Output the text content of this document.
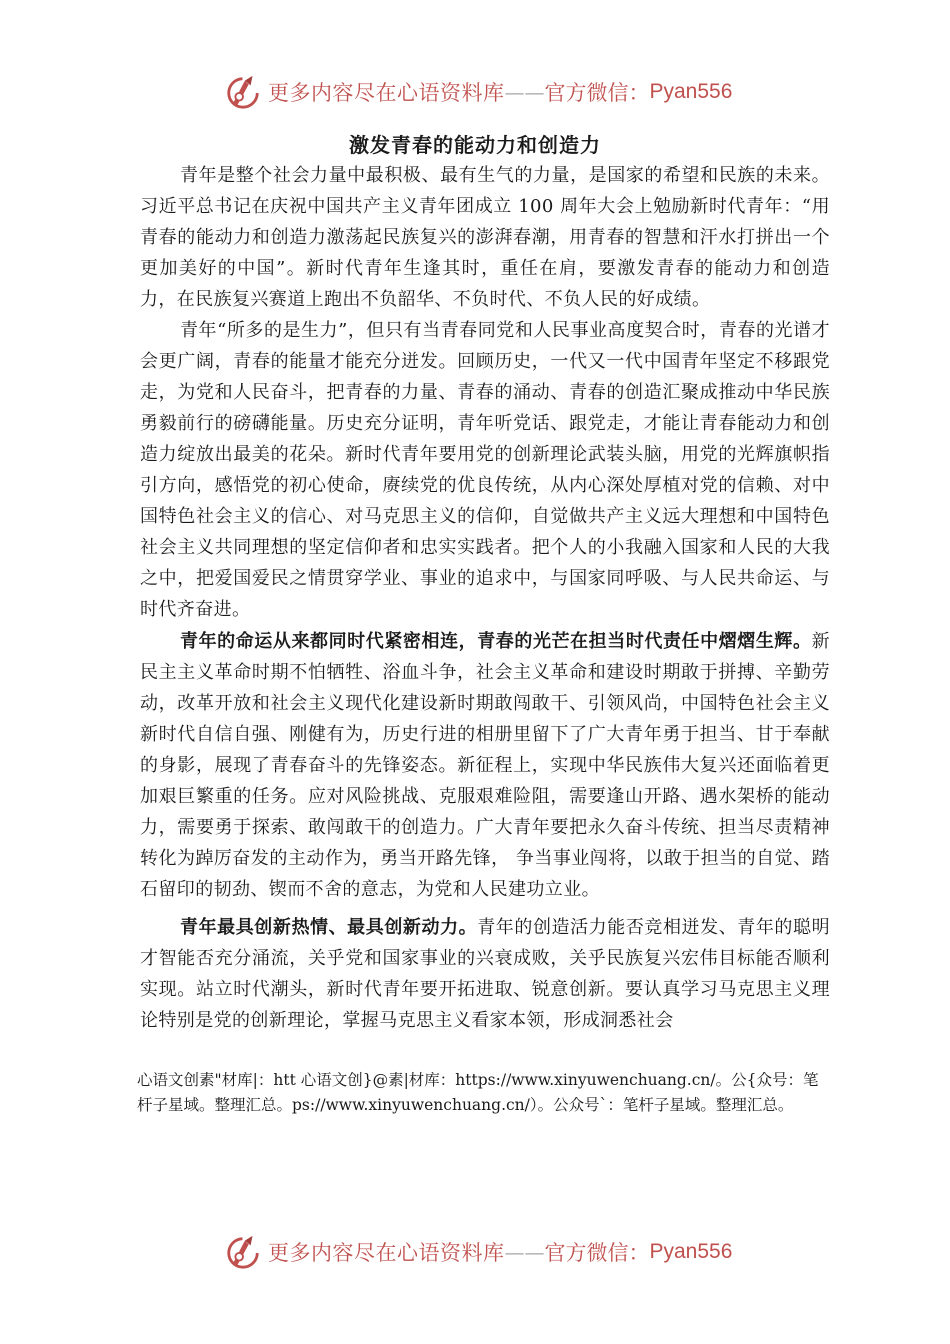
更多内容尽在心语资料库 —— 官方微信： Pyan556
激发青春的能动力和创造力

青年是整个社会力量中最积极、最有生气的力量，是国家的希望和民族的未来。习近平总书记在庆祝中国共产主义青年团成立 100 周年大会上勉励新时代青年：“用青春的能动力和创造力激荡起民族复兴的澎湃春潮，用青春的智慧和汗水打拼出一个更加美好的中国”。新时代青年生逢其时，重任在肩，要激发青春的能动力和创造力，在民族复兴赛道上跑出不负韶华、不负时代、不负人民的好成绩。

青年“所多的是生力”，但只有当青春同党和人民事业高度契合时，青春的光谱才会更广阔，青春的能量才能充分迸发。回顾历史，一代又一代中国青年坚定不移跟党走，为党和人民奋斗，把青春的力量、青春的涌动、青春的创造汇聚成推动中华民族勇毅前行的磅礴能量。历史充分证明，青年听党话、跟党走，才能让青春能动力和创造力绽放出最美的花朵。新时代青年要用党的创新理论武装头脑，用党的光辉旗帜指引方向，感悟党的初心使命，赓续党的优良传统，从内心深处厚植对党的信赖、对中国特色社会主义的信心、对马克思主义的信仰，自觉做共产主义远大理想和中国特色社会主义共同理想的坚定信仰者和忠实实践者。把个人的小我融入国家和人民的大我之中，把爱国爱民之情贯穿学业、事业的追求中，与国家同呼吸、与人民共命运、与时代齐奋进。

青年的命运从来都同时代紧密相连，青春的光芒在担当时代责任中熠熠生辉。新民主主义革命时期不怕牺牲、浴血斗争，社会主义革命和建设时期敢于拼搏、辛勤劳动，改革开放和社会主义现代化建设新时期敢闯敢干、引领风尚，中国特色社会主义新时代自信自强、刚健有为，历史行进的相册里留下了广大青年勇于担当、甘于奉献的身影，展现了青春奋斗的先锋姿态。新征程上，实现中华民族伟大复兴还面临着更加艰巨繁重的任务。应对风险挑战、克服艰难险阻，需要逢山开路、遇水架桥的能动力，需要勇于探索、敢闯敢干的创造力。广大青年要把永久奋斗传统、担当尽责精神转化为踔厉奋发的主动作为，勇当开路先锋， 争当事业闯将，以敢于担当的自觉、踏石留印的韧劲、锲而不舍的意志，为党和人民建功立业。

青年最具创新热情、最具创新动力。青年的创造活力能否竞相迸发、青年的聪明才智能否充分涌流，关乎党和国家事业的兴衰成败，关乎民族复兴宏伟目标能否顺利实现。站立时代潮头，新时代青年要开拓进取、锐意创新。要认真学习马克思主义理论特别是党的创新理论，掌握马克思主义看家本领，形成洞悉社会

心语文创素"材库|：htt 心语文创}@素|材库：https://www.xinyuwenchuang.cn/。公{众号：笔杆子星域。整理汇总。ps://www.xinyuwenchuang.cn/）。公众号`：笔杆子星域。整理汇总。
更多内容尽在心语资料库 —— 官方微信： Pyan556
